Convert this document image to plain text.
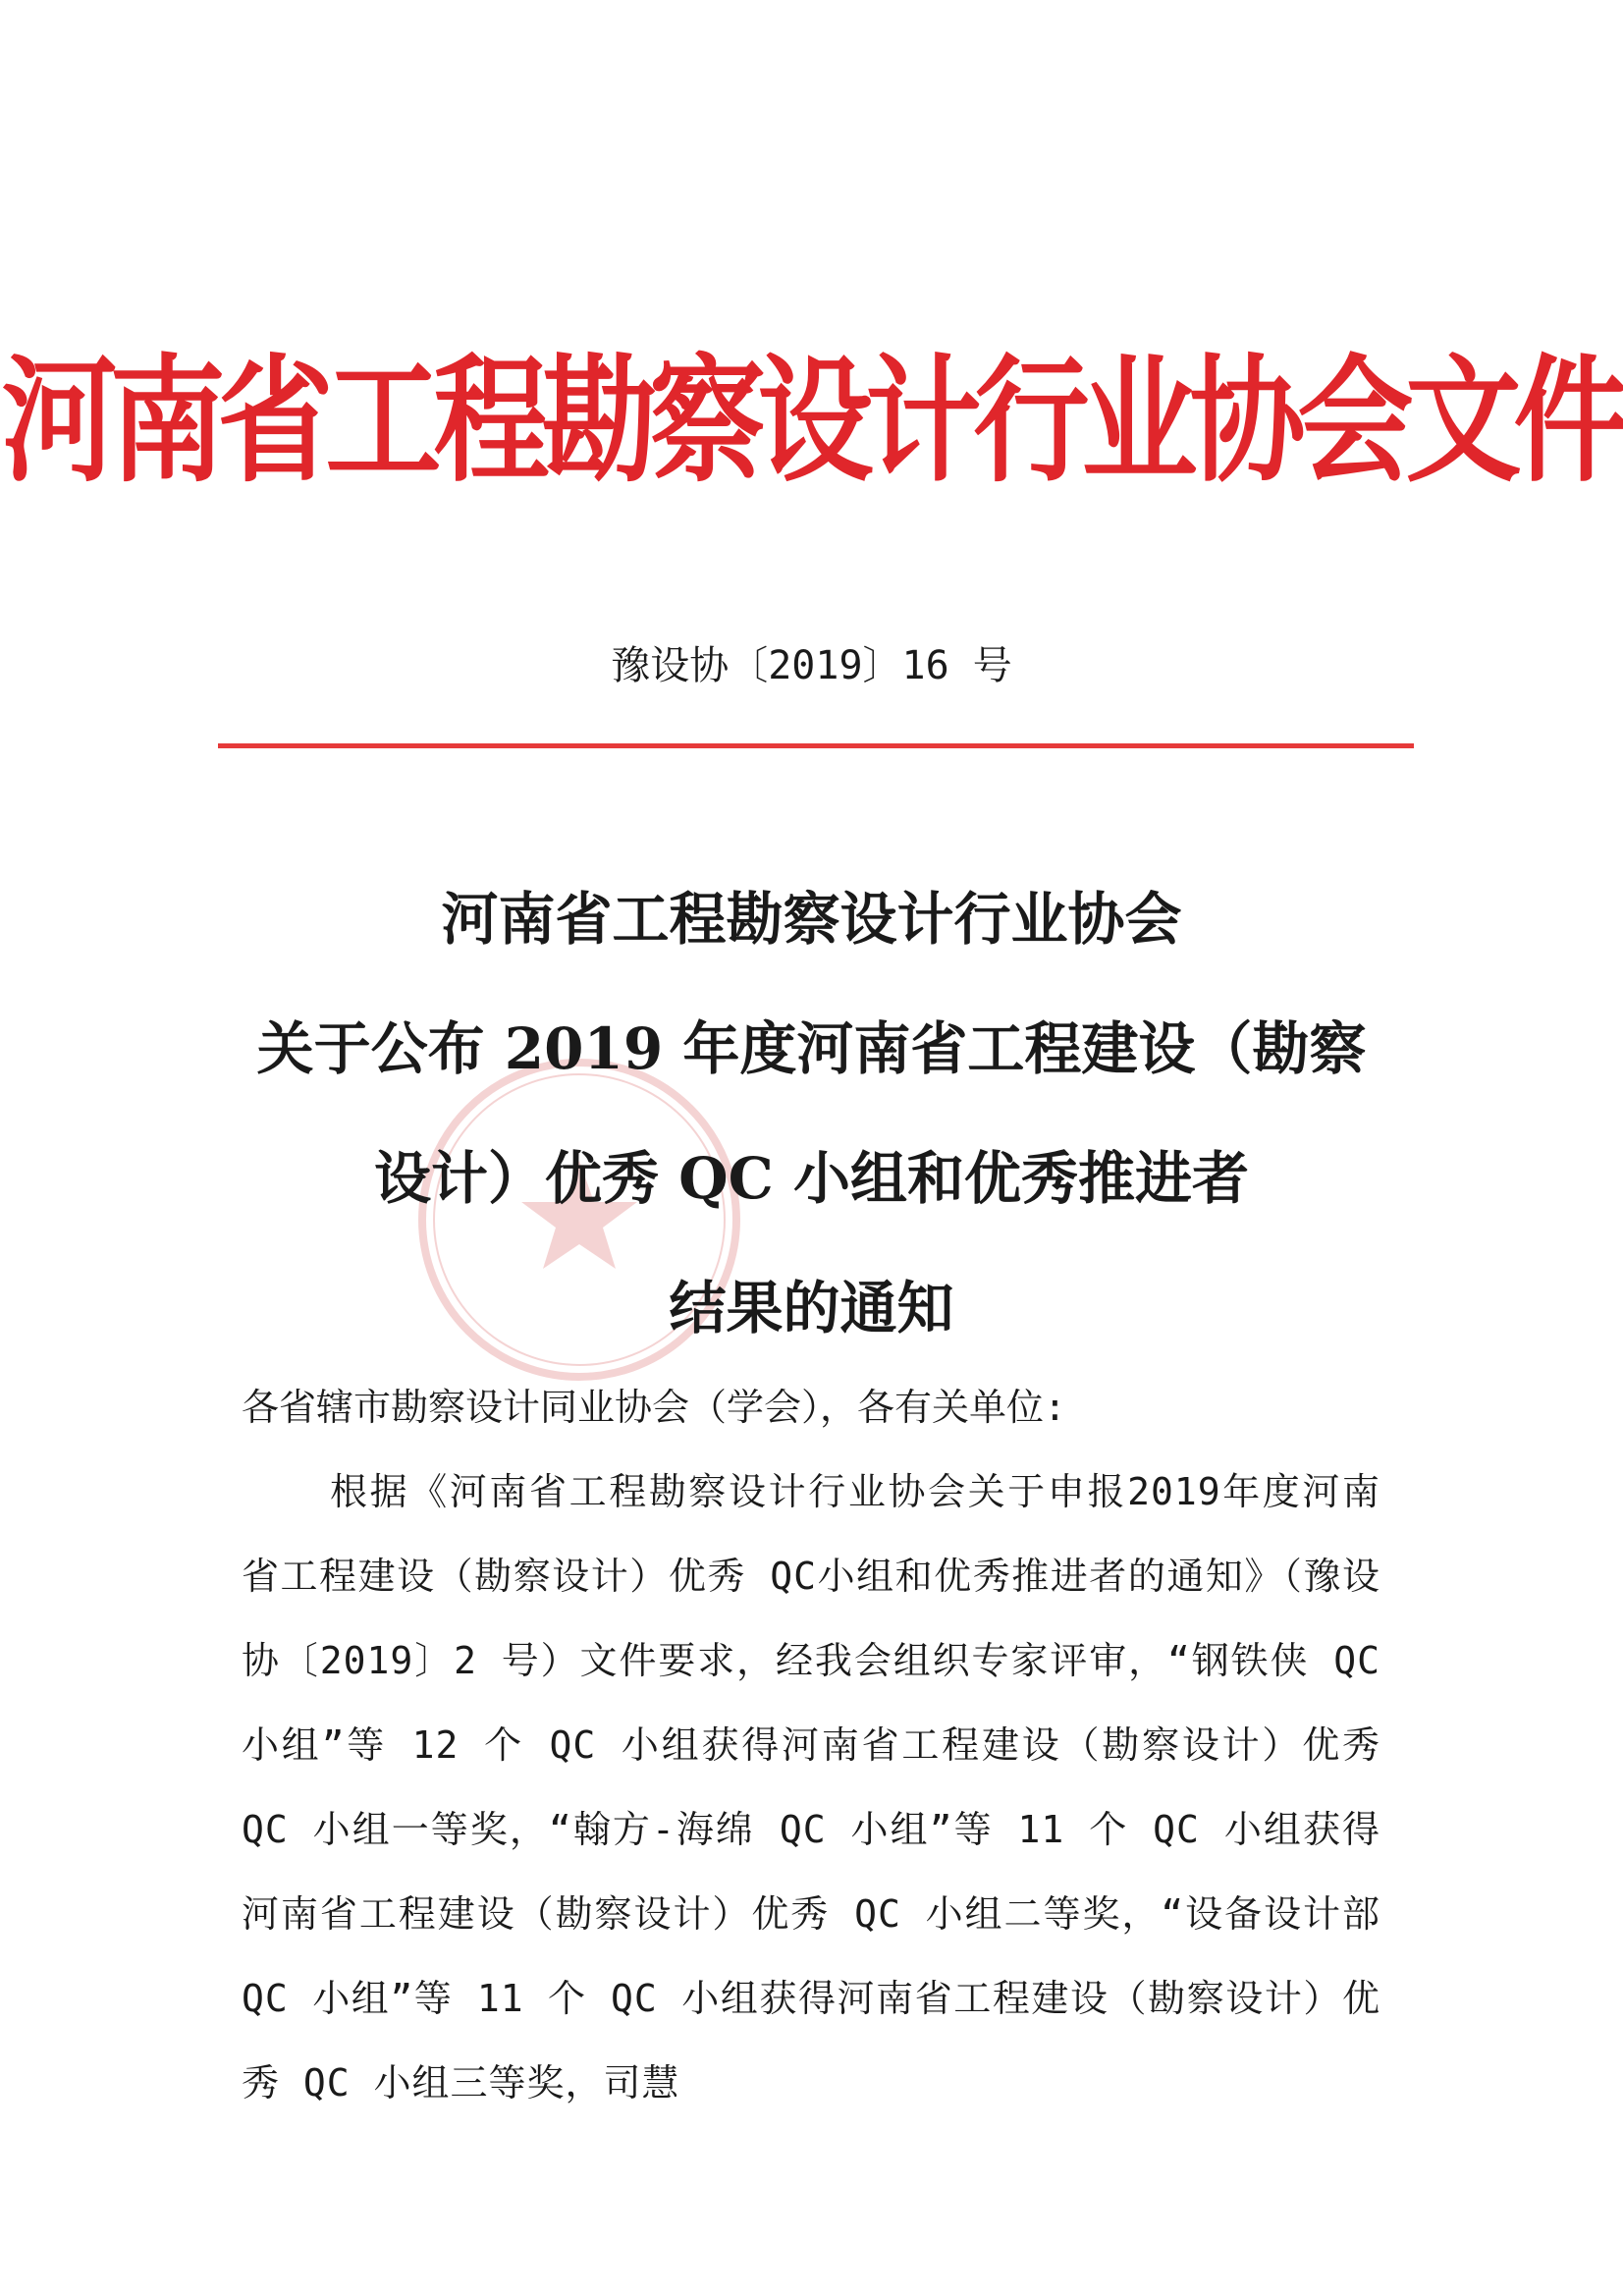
河南省工程勘察设计行业协会文件
豫设协〔2019〕16 号
河南省工程勘察设计行业协会
关于公布 2019 年度河南省工程建设（勘察
设计）优秀 QC 小组和优秀推进者
结果的通知
各省辖市勘察设计同业协会（学会），各有关单位:
根据《河南省工程勘察设计行业协会关于申报2019年度河南省工程建设（勘察设计）优秀 QC小组和优秀推进者的通知》（豫设协〔2019〕2 号）文件要求，经我会组织专家评审，“钢铁侠 QC 小组”等 12 个 QC 小组获得河南省工程建设（勘察设计）优秀 QC 小组一等奖，“翰方-海绵 QC 小组”等 11 个 QC 小组获得河南省工程建设（勘察设计）优秀 QC 小组二等奖，“设备设计部 QC 小组”等 11 个 QC 小组获得河南省工程建设（勘察设计）优秀 QC 小组三等奖，司慧
